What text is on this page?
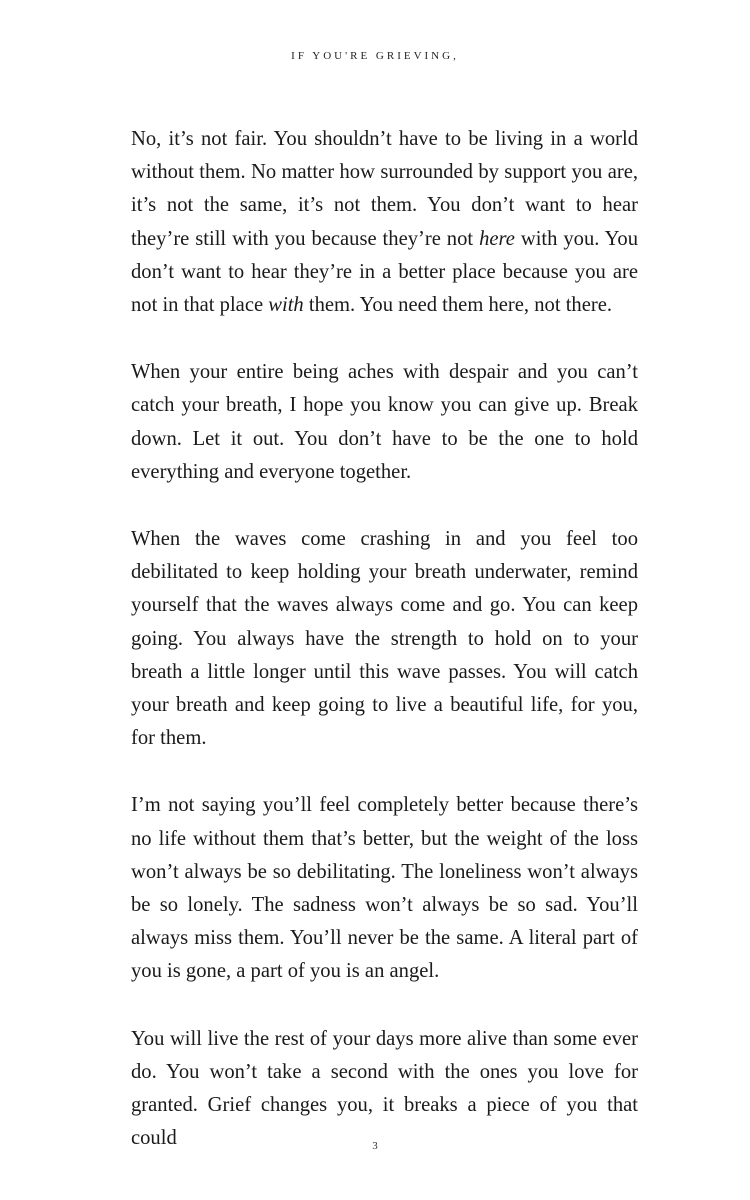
IF YOU'RE GRIEVING,

No, it’s not fair. You shouldn’t have to be living in a world without them. No matter how surrounded by support you are, it’s not the same, it’s not them. You don’t want to hear they’re still with you because they’re not here with you. You don’t want to hear they’re in a better place because you are not in that place with them. You need them here, not there.

When your entire being aches with despair and you can’t catch your breath, I hope you know you can give up. Break down. Let it out. You don’t have to be the one to hold everything and everyone together.

When the waves come crashing in and you feel too debilitated to keep holding your breath underwater, remind yourself that the waves always come and go. You can keep going. You always have the strength to hold on to your breath a little longer until this wave passes. You will catch your breath and keep going to live a beautiful life, for you, for them.

I’m not saying you’ll feel completely better because there’s no life without them that’s better, but the weight of the loss won’t always be so debilitating. The loneliness won’t always be so lonely. The sadness won’t always be so sad. You’ll always miss them. You’ll never be the same. A literal part of you is gone, a part of you is an angel.

You will live the rest of your days more alive than some ever do. You won’t take a second with the ones you love for granted. Grief changes you, it breaks a piece of you that could	3
